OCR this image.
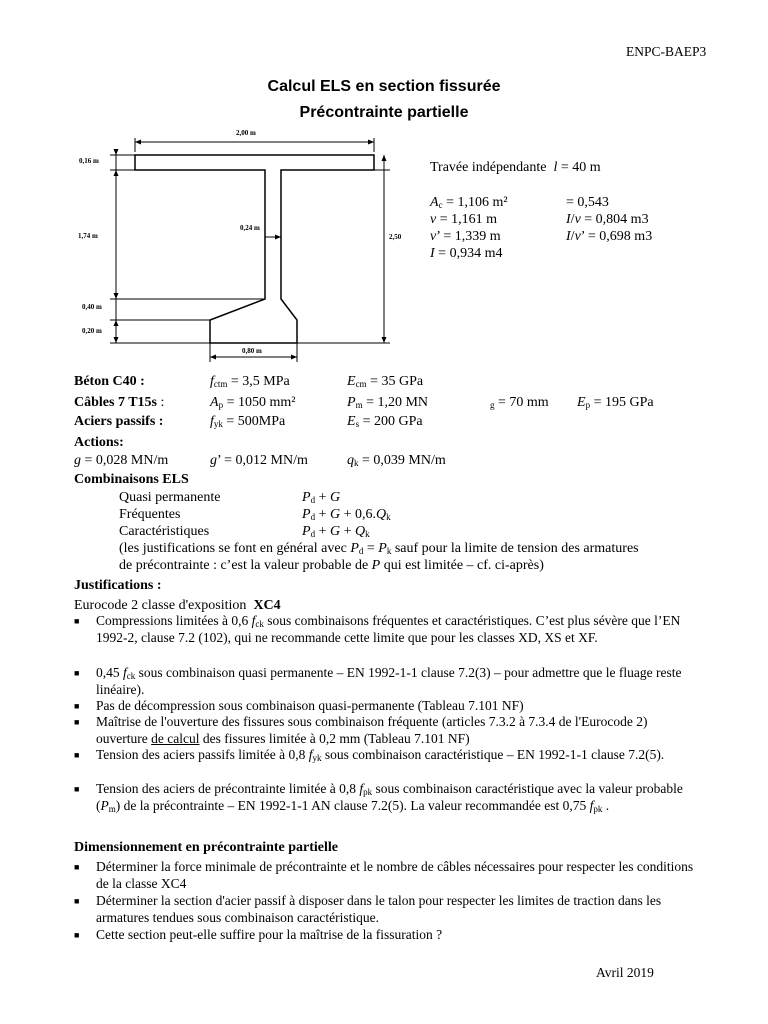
ENPC-BAEP3
Calcul ELS en section fissurée
Précontrainte partielle
2,00 m
0,16 m
1,74 m
0,24 m
2,50
0,40 m
0,20 m
0,80 m
Travée indépendante l = 40 m
$A_c = 1,106$ m²	= 0,543
v = 1,161 m	I/v = 0,804 m3
v’ = 1,339 m	I/v’ = 0,698 m3
I = 0,934 m4
Béton C40 :	$f_{ctm} = 3,5$ MPa	$E_{cm} = 35$ GPa
Câbles 7 T15s :	$A_p = 1050$ mm²	$P_m = 1,20$ MN	$_g$ = 70 mm $E_p = 195$ GPa
Aciers passifs :	$f_{yk} = 500MPa$	$E_s = 200$ GPa
Actions:
g = 0,028 MN/m	g’ = 0,012 MN/m	$q_k = 0,039$ MN/m
Combinaisons ELS
Quasi permanente	$P_d + G$
Fréquentes	$P_d + G + 0,6.Q_k$
Caractéristiques	$P_d + G + Q_k$
(les justifications se font en général avec $P_d = P_k$ sauf pour la limite de tension des armatures
de précontrainte : c’est la valeur probable de P qui est limitée – cf. ci-après)
Justifications :
Eurocode 2 classe d'exposition XC4
■ Compressions limitées à 0,6 $f_{ck}$ sous combinaisons fréquentes et caractéristiques. C’est plus sévère que l’EN 1992-2, clause 7.2 (102), qui ne recommande cette limite que pour les classes XD, XS et XF.
■ 0,45 $f_{ck}$ sous combinaison quasi permanente – EN 1992-1-1 clause 7.2(3) – pour admettre que le fluage reste linéaire).
■ Pas de décompression sous combinaison quasi-permanente (Tableau 7.101 NF)
■ Maîtrise de l'ouverture des fissures sous combinaison fréquente (articles 7.3.2 à 7.3.4 de l'Eurocode 2) ouverture de calcul des fissures limitée à 0,2 mm (Tableau 7.101 NF)
■ Tension des aciers passifs limitée à 0,8 $f_{yk}$ sous combinaison caractéristique – EN 1992-1-1 clause 7.2(5).
■ Tension des aciers de précontrainte limitée à 0,8 $f_{pk}$ sous combinaison caractéristique avec la valeur probable $(P_m)$ de la précontrainte – EN 1992-1-1 AN clause 7.2(5). La valeur recommandée est 0,75 $f_{pk}$ .
Dimensionnement en précontrainte partielle
■ Déterminer la force minimale de précontrainte et le nombre de câbles nécessaires pour respecter les conditions de la classe XC4
■ Déterminer la section d'acier passif à disposer dans le talon pour respecter les limites de traction dans les armatures tendues sous combinaison caractéristique.
■ Cette section peut-elle suffire pour la maîtrise de la fissuration ?
Avril 2019
